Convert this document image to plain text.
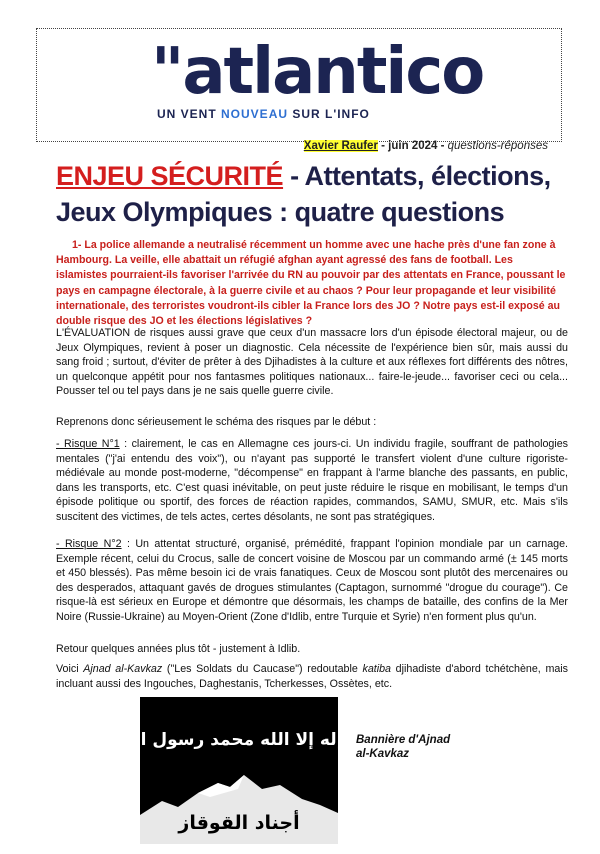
"atlantico
UN VENT NOUVEAU SUR L'INFO
Xavier Raufer - juin 2024 - questions-réponses
ENJEU SÉCURITÉ - Attentats, élections, Jeux Olympiques : quatre questions
1- La police allemande a neutralisé récemment un homme avec une hache près d'une fan zone à Hambourg. La veille, elle abattait un réfugié afghan ayant agressé des fans de football. Les islamistes pourraient-ils favoriser l'arrivée du RN au pouvoir par des attentats en France, poussant le pays en campagne électorale, à la guerre civile et au chaos ? Pour leur propagande et leur visibilité internationale, des terroristes voudront-ils cibler la France lors des JO ? Notre pays est-il exposé au double risque des JO et les élections législatives ?
L'ÉVALUATION de risques aussi grave que ceux d'un massacre lors d'un épisode électoral majeur, ou de Jeux Olympiques, revient à poser un diagnostic. Cela nécessite de l'expérience bien sûr, mais aussi du sang froid ; surtout, d'éviter de prêter à des Djihadistes à la culture et aux réflexes fort différents des nôtres, un quelconque appétit pour nos fantasmes politiques nationaux... faire-le-jeude... favoriser ceci ou cela... Pousser tel ou tel pays dans je ne sais quelle guerre civile.
Reprenons donc sérieusement le schéma des risques par le début :
- Risque N°1 : clairement, le cas en Allemagne ces jours-ci. Un individu fragile, souffrant de pathologies mentales ("j'ai entendu des voix"), ou n'ayant pas supporté le transfert violent d'une culture rigoriste-médiévale au monde post-moderne, "décompense" en frappant à l'arme blanche des passants, en public, dans les transports, etc. C'est quasi inévitable, on peut juste réduire le risque en mobilisant, le temps d'un épisode politique ou sportif, des forces de réaction rapides, commandos, SAMU, SMUR, etc. Mais s'ils suscitent des victimes, de tels actes, certes désolants, ne sont pas stratégiques.
- Risque N°2 : Un attentat structuré, organisé, prémédité, frappant l'opinion mondiale par un carnage. Exemple récent, celui du Crocus, salle de concert voisine de Moscou par un commando armé (± 145 morts et 450 blessés). Pas même besoin ici de vrais fanatiques. Ceux de Moscou sont plutôt des mercenaires ou des desperados, attaquant gavés de drogues stimulantes (Captagon, surnommé "drogue du courage"). Ce risque-là est sérieux en Europe et démontre que désormais, les champs de bataille, des confins de la Mer Noire (Russie-Ukraine) au Moyen-Orient (Zone d'Idlib, entre Turquie et Syrie) n'en forment plus qu'un.
Retour quelques années plus tôt - justement à Idlib.
Voici Ajnad al-Kavkaz ("Les Soldats du Caucase") redoutable katiba djihadiste d'abord tchétchène, mais incluant aussi des Ingouches, Daghestanis, Tcherkesses, Ossètes, etc.
لا إله إلا الله محمد رسول الله
أجناد القوقاز
Bannière d'Ajnad al-Kavkaz
